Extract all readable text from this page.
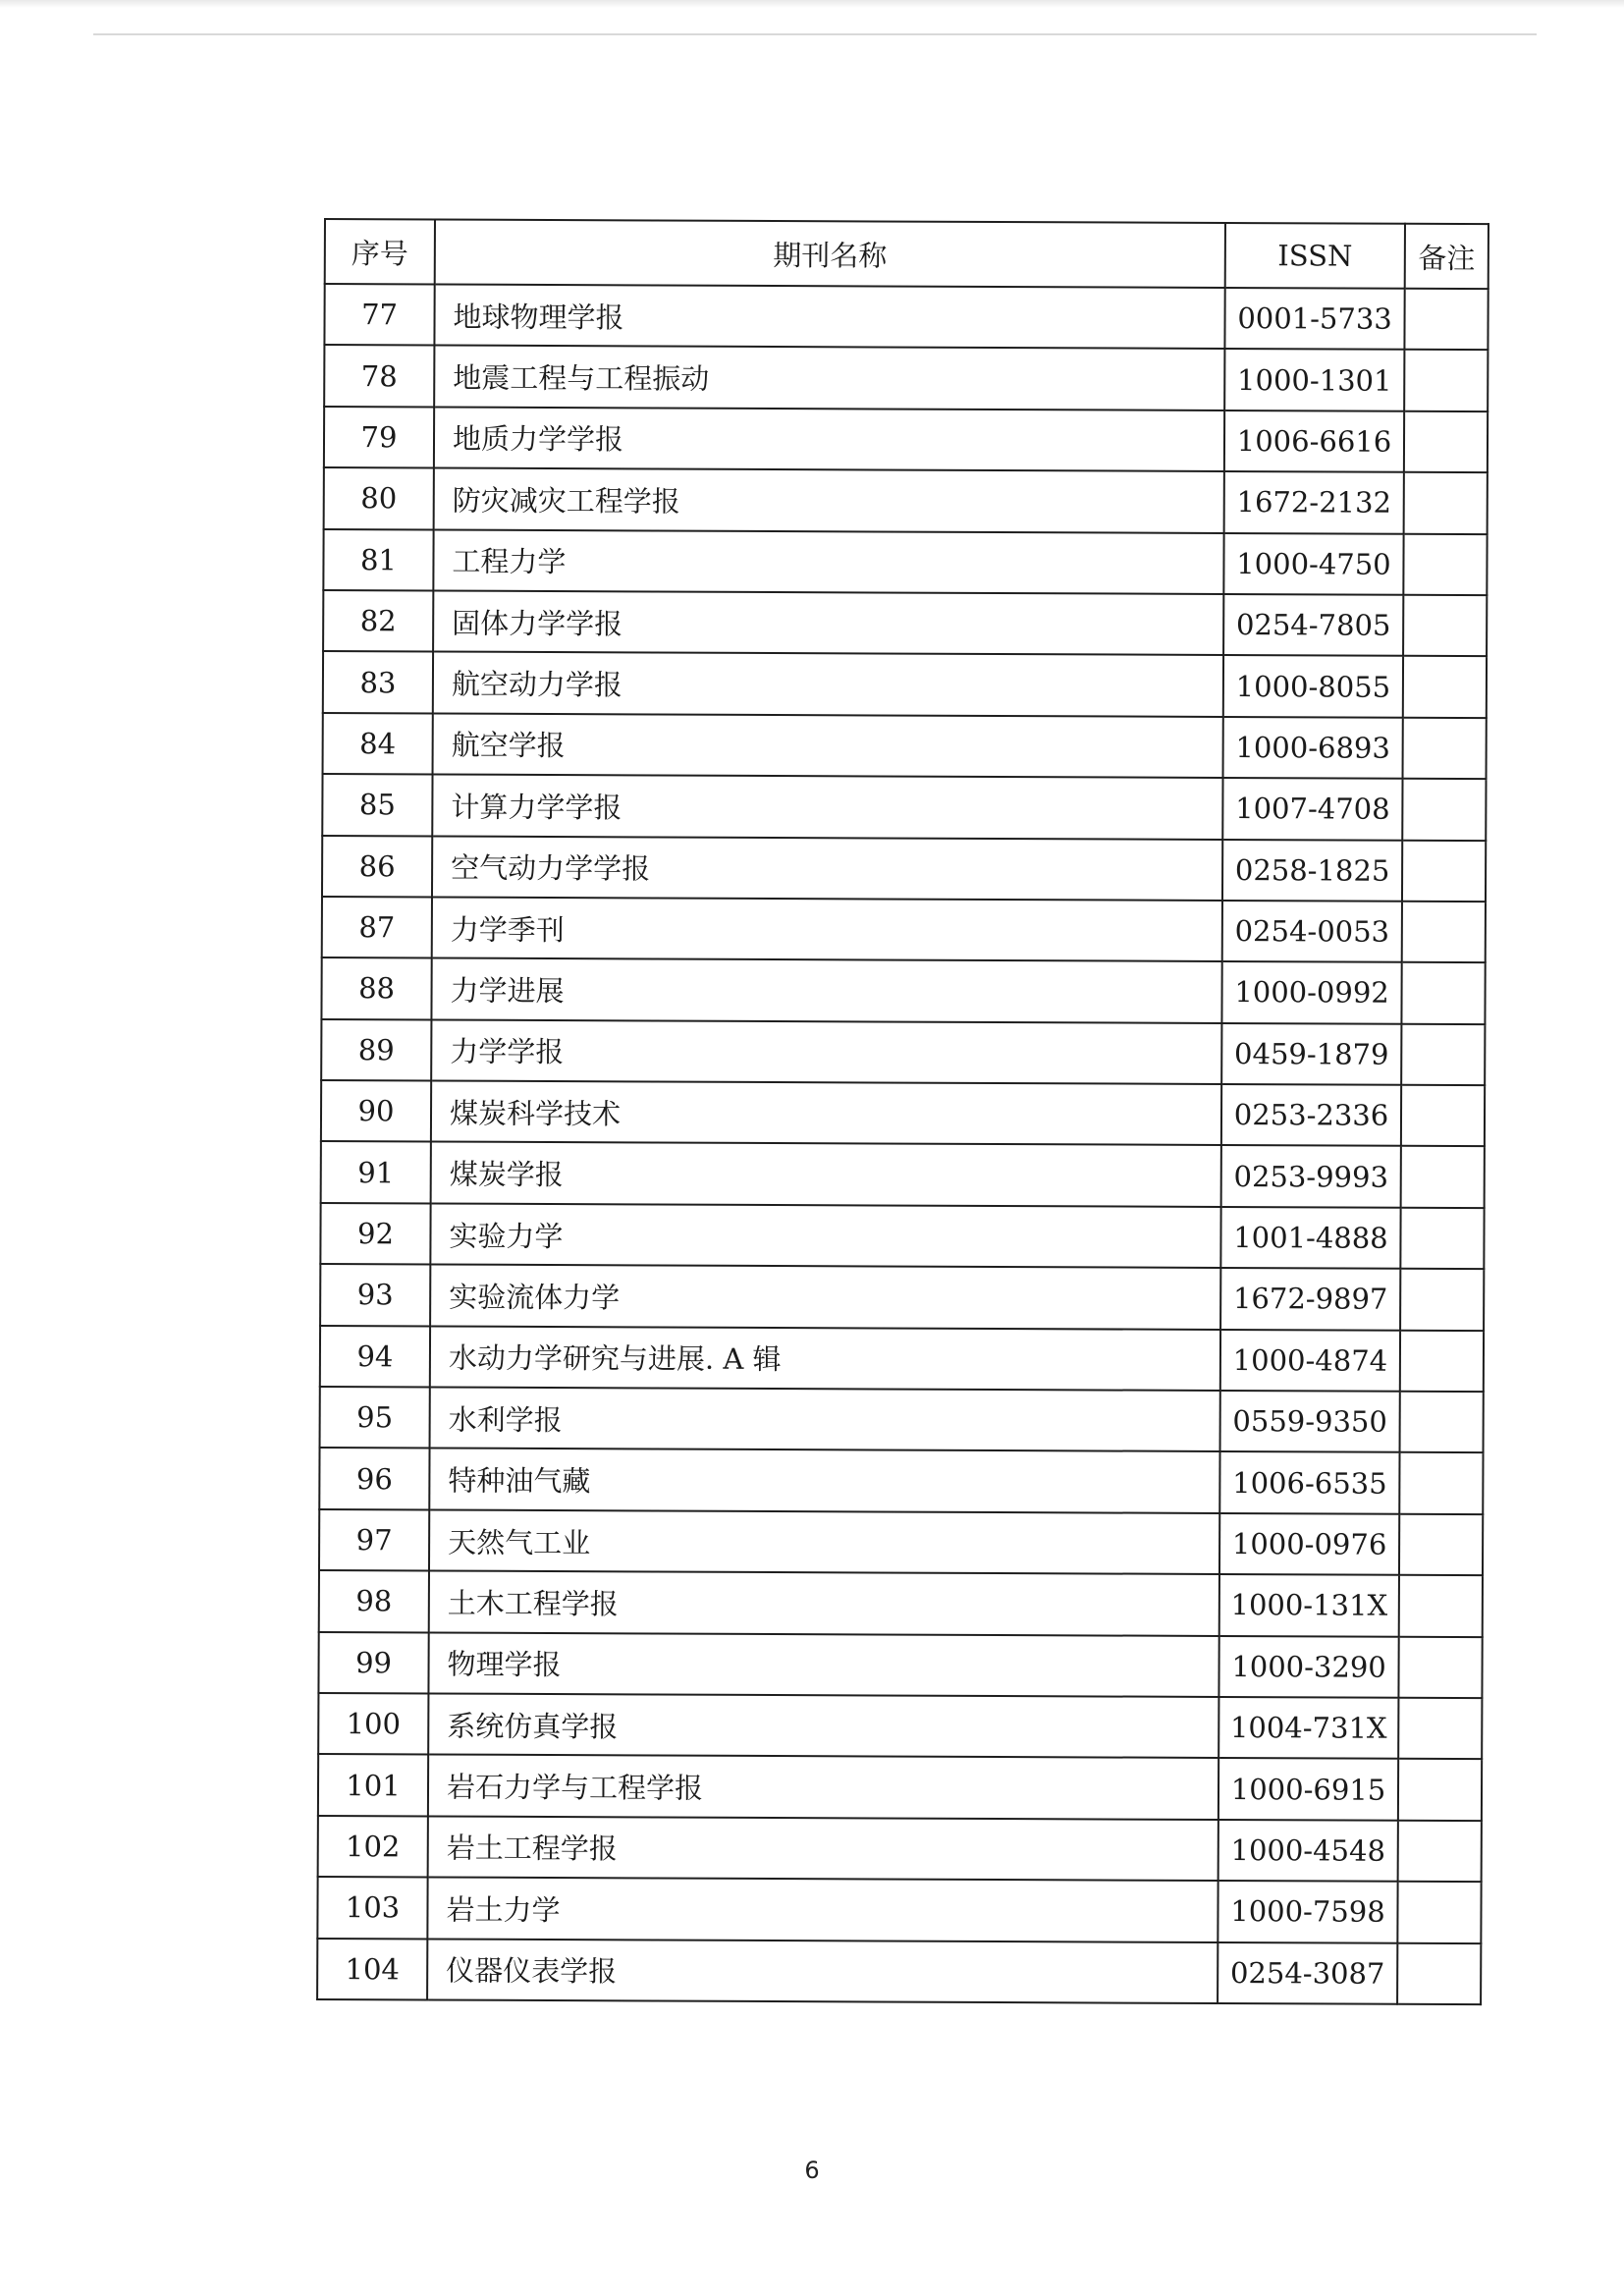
序号	期刊名称	ISSN	备注
77	地球物理学报	0001-5733	
78	地震工程与工程振动	1000-1301	
79	地质力学学报	1006-6616	
80	防灾减灾工程学报	1672-2132	
81	工程力学	1000-4750	
82	固体力学学报	0254-7805	
83	航空动力学报	1000-8055	
84	航空学报	1000-6893	
85	计算力学学报	1007-4708	
86	空气动力学学报	0258-1825	
87	力学季刊	0254-0053	
88	力学进展	1000-0992	
89	力学学报	0459-1879	
90	煤炭科学技术	0253-2336	
91	煤炭学报	0253-9993	
92	实验力学	1001-4888	
93	实验流体力学	1672-9897	
94	水动力学研究与进展. A 辑	1000-4874	
95	水利学报	0559-9350	
96	特种油气藏	1006-6535	
97	天然气工业	1000-0976	
98	土木工程学报	1000-131X	
99	物理学报	1000-3290	
100	系统仿真学报	1004-731X	
101	岩石力学与工程学报	1000-6915	
102	岩土工程学报	1000-4548	
103	岩土力学	1000-7598	
104	仪器仪表学报	0254-3087	
6
